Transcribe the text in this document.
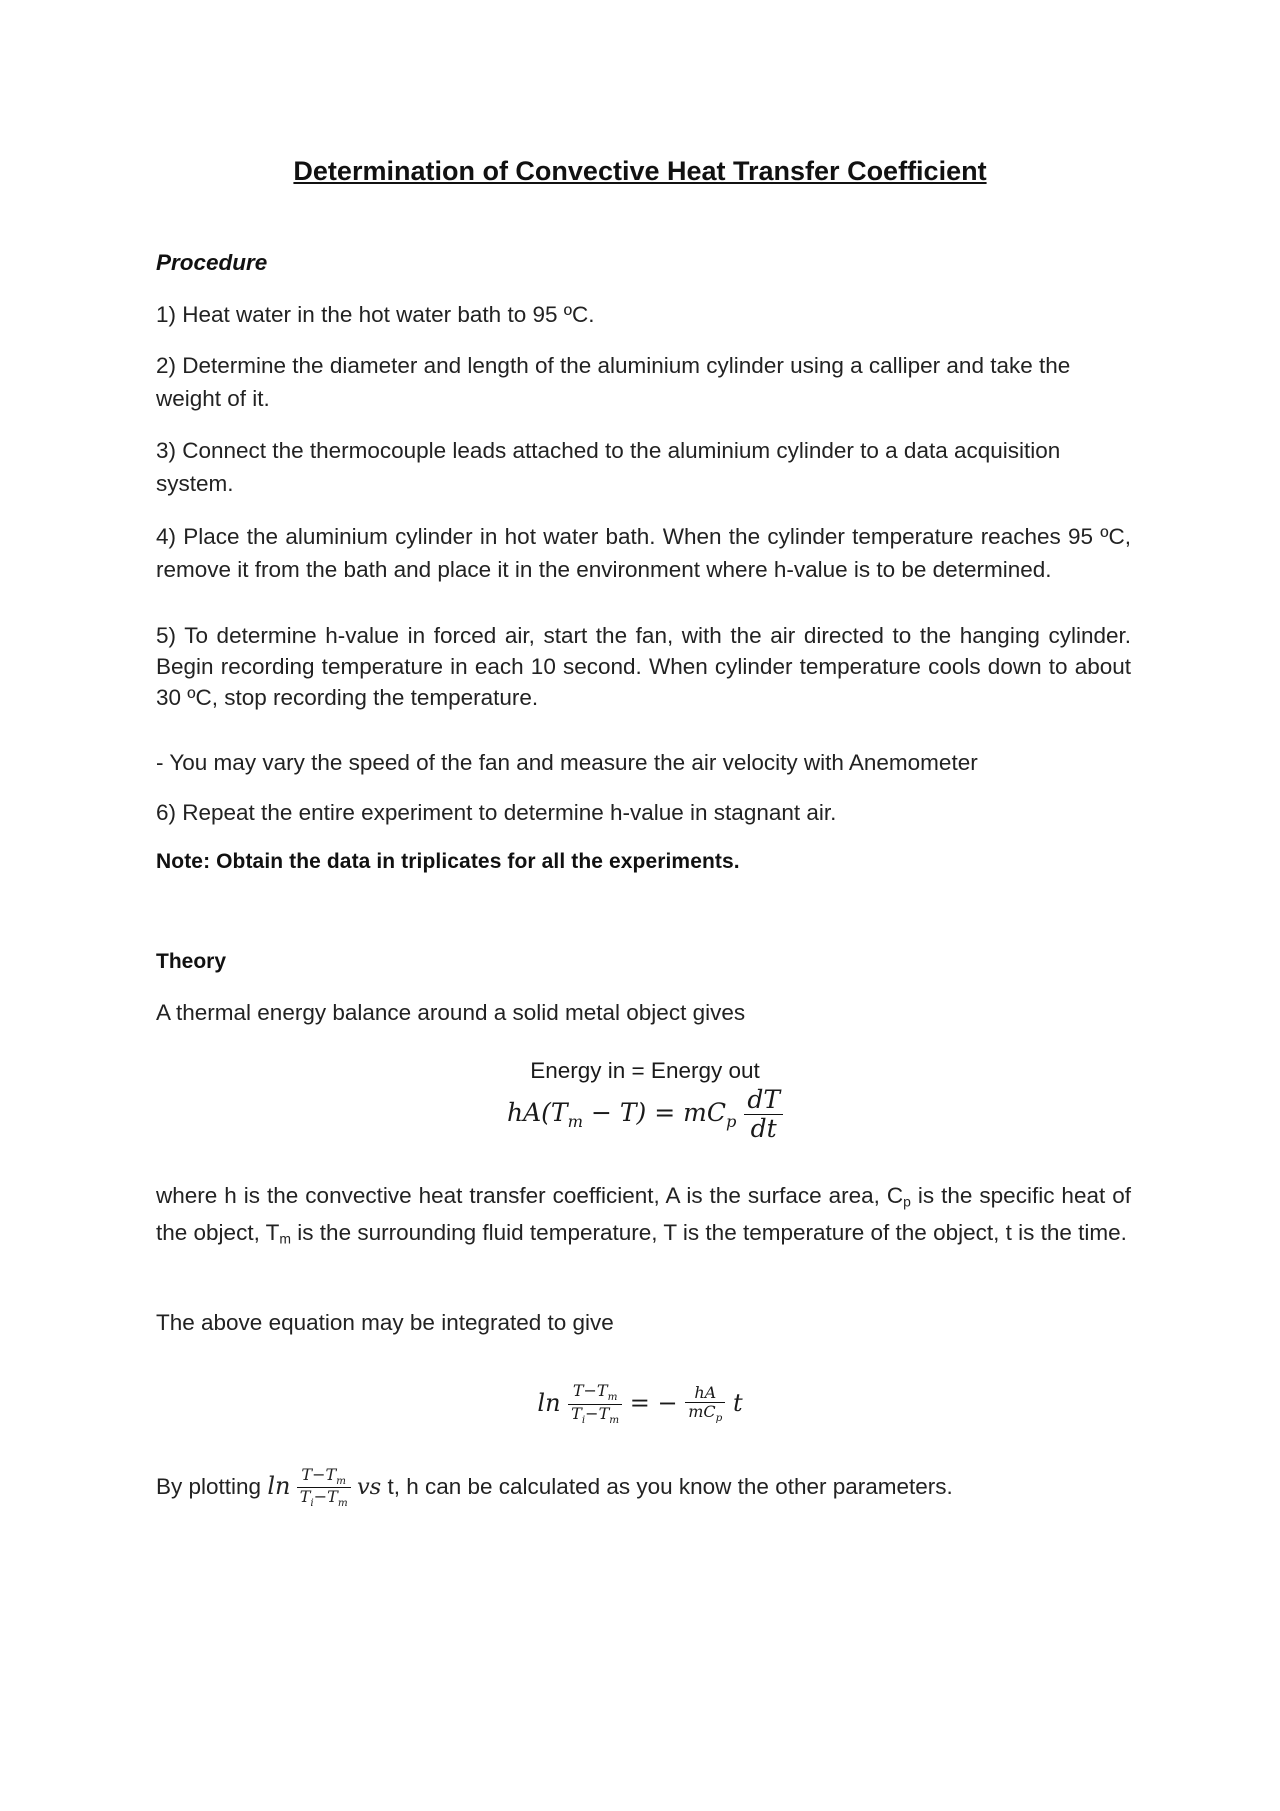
Determination of Convective Heat Transfer Coefficient
Procedure
1) Heat water in the hot water bath to 95 ºC.
2) Determine the diameter and length of the aluminium cylinder using a calliper and take the weight of it.
3) Connect the thermocouple leads attached to the aluminium cylinder to a data acquisition system.
4) Place the aluminium cylinder in hot water bath. When the cylinder temperature reaches 95 ºC, remove it from the bath and place it in the environment where h-value is to be determined.
5) To determine h-value in forced air, start the fan, with the air directed to the hanging cylinder. Begin recording temperature in each 10 second. When cylinder temperature cools down to about 30 ºC, stop recording the temperature.
- You may vary the speed of the fan and measure the air velocity with Anemometer
6) Repeat the entire experiment to determine h-value in stagnant air.
Note: Obtain the data in triplicates for all the experiments.
Theory
A thermal energy balance around a solid metal object gives
Energy in = Energy out
$hA(T_m - T) = mC_p \frac{dT}{dt}$
where h is the convective heat transfer coefficient, A is the surface area, $C_p$ is the specific heat of the object, $T_m$ is the surrounding fluid temperature, T is the temperature of the object, t is the time.
The above equation may be integrated to give
$\ln \frac{T-T_m}{T_i-T_m}$ = − $\frac{hA}{mC_p}$ t
By plotting $\ln \frac{T-T_m}{T_i-T_m}$ vs t, h can be calculated as you know the other parameters.
